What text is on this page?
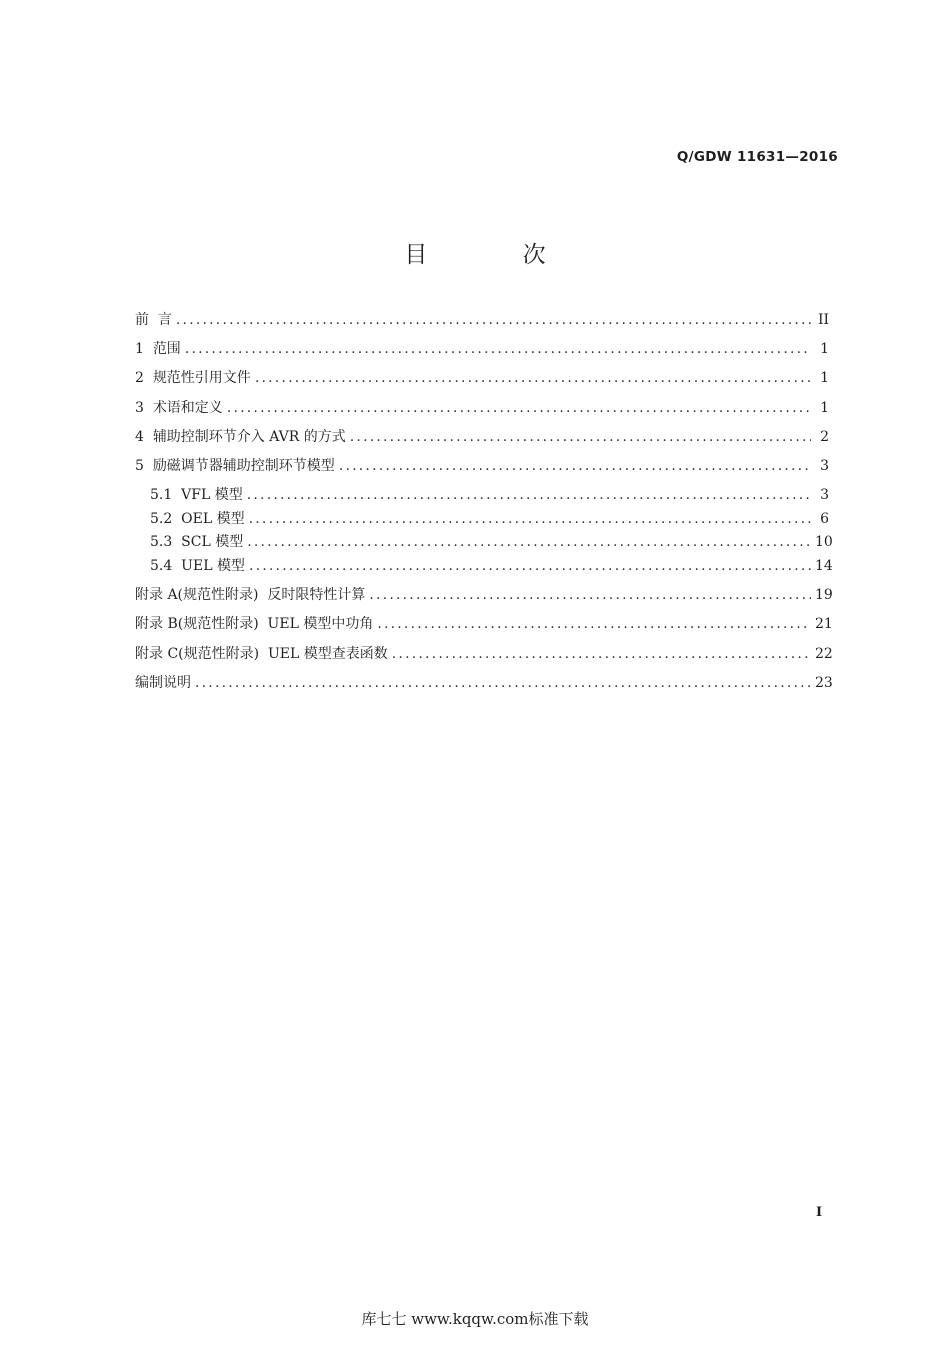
Q/GDW 11631—2016
目 次
前  言 .....	II
1 范围 .....	1
2 规范性引用文件 .....	1
3 术语和定义 .....	1
4 辅助控制环节介入 AVR 的方式 .....	2
5 励磁调节器辅助控制环节模型 .....	3
5.1 VFL 模型 .....	3
5.2 OEL 模型 .....	6
5.3 SCL 模型 .....	10
5.4 UEL 模型 .....	14
附录 A(规范性附录)  反时限特性计算 .....	19
附录 B(规范性附录)  UEL 模型中功角 .....	21
附录 C(规范性附录)  UEL 模型查表函数 .....	22
编制说明 .....	23
I
库七七 www.kqqw.com标准下载
